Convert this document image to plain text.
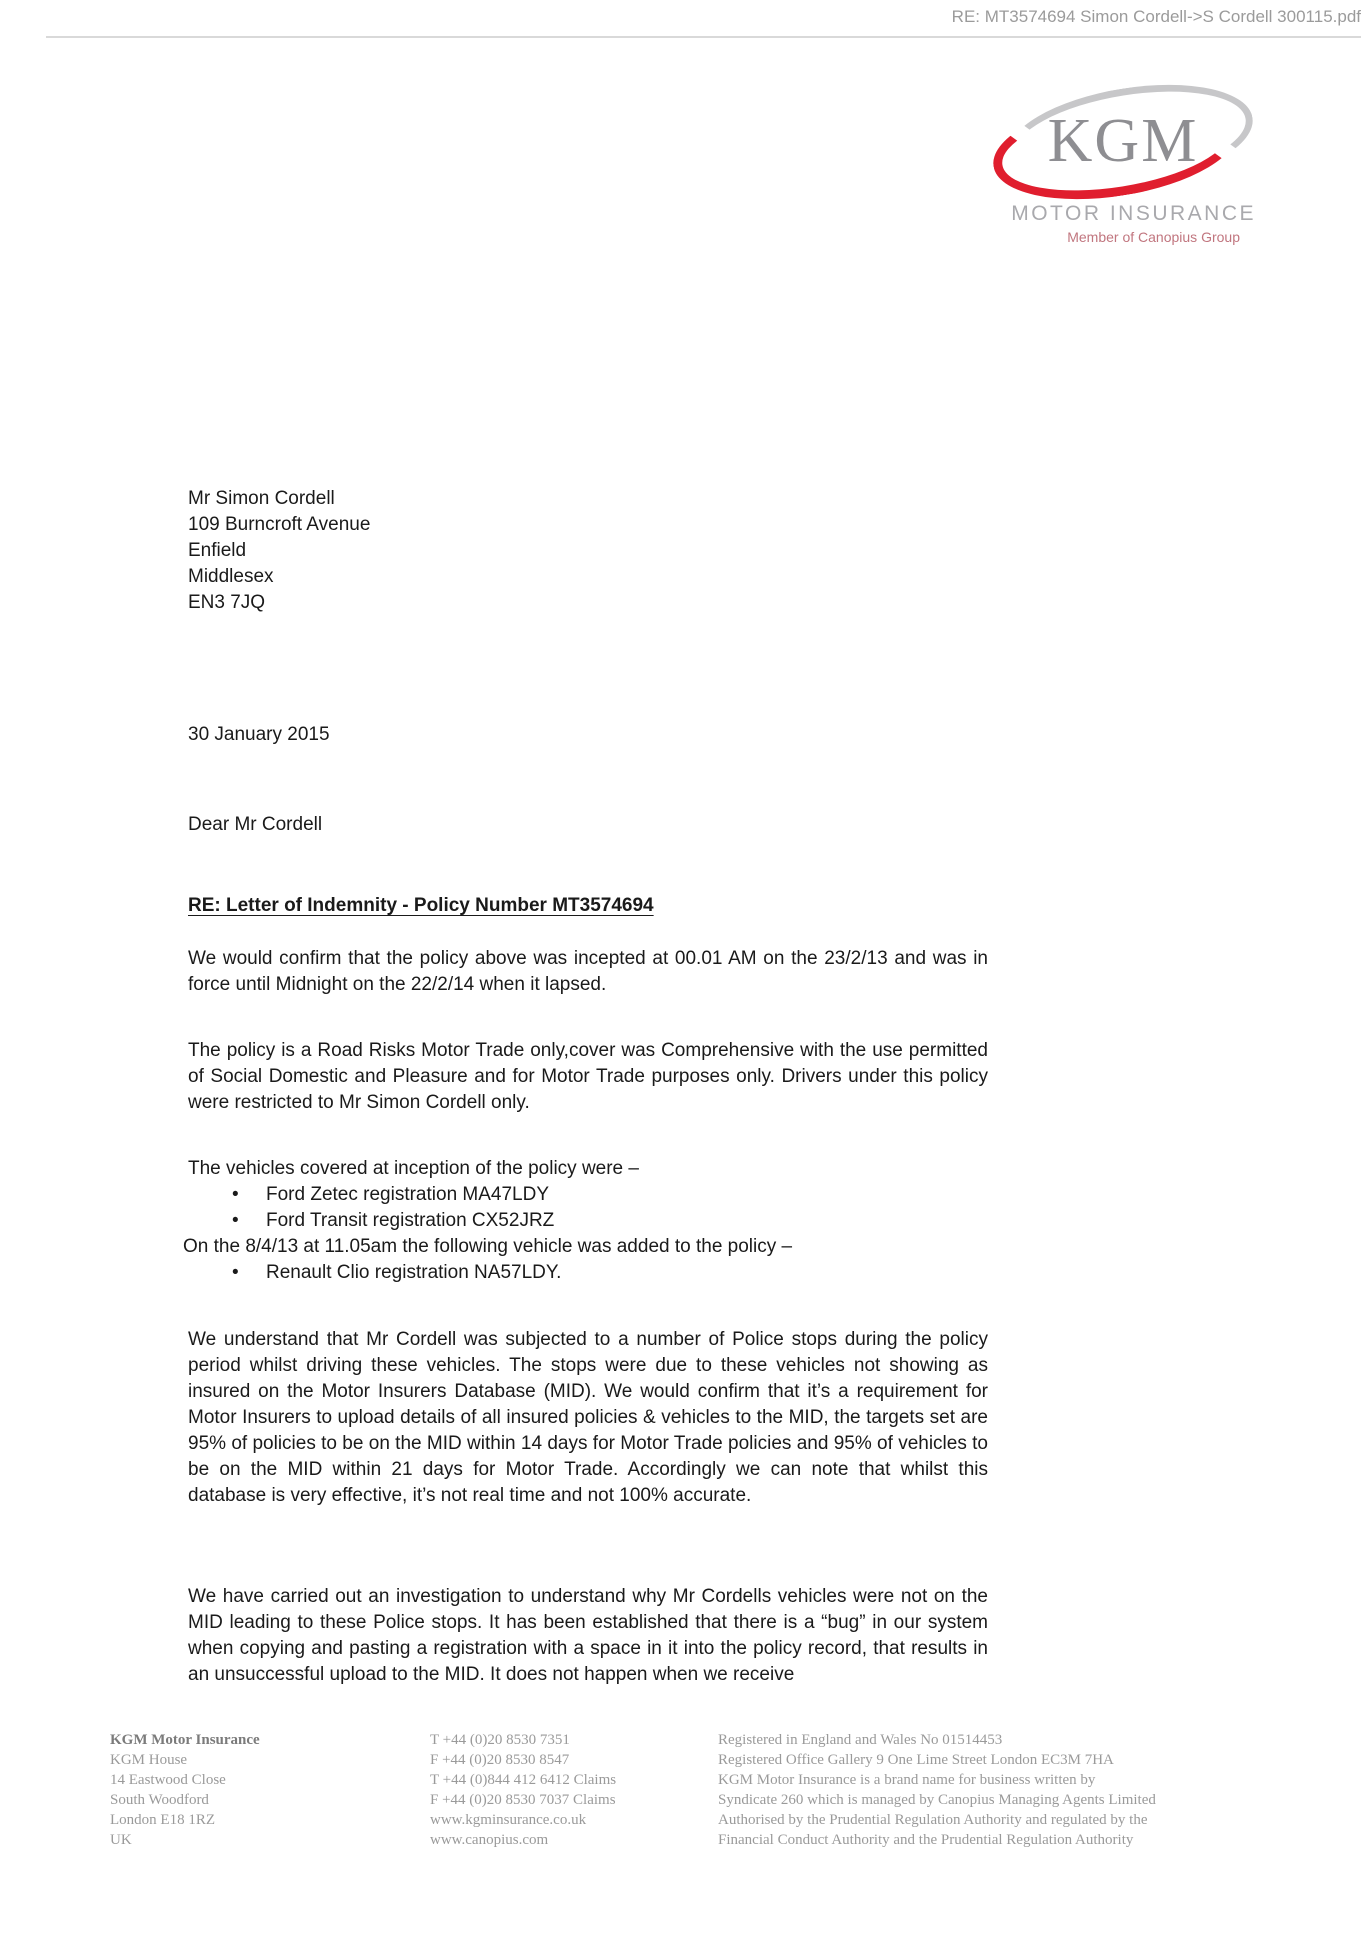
RE: MT3574694 Simon Cordell->S Cordell 300115.pdf
KGM
MOTOR INSURANCE
Member of Canopius Group
Mr Simon Cordell
109 Burncroft Avenue
Enfield
Middlesex
EN3 7JQ
30 January 2015
Dear Mr Cordell
RE: Letter of Indemnity - Policy Number MT3574694

We would confirm that the policy above was incepted at 00.01 AM on the 23/2/13 and was in force until Midnight on the 22/2/14 when it lapsed.

The policy is a Road Risks Motor Trade only,cover was Comprehensive with the use permitted of Social Domestic and Pleasure and for Motor Trade purposes only. Drivers under this policy were restricted to Mr Simon Cordell only.

The vehicles covered at inception of the policy were –
•	Ford Zetec registration MA47LDY
•	Ford Transit registration CX52JRZ
On the 8/4/13 at 11.05am the following vehicle was added to the policy –
•	Renault Clio registration NA57LDY.

We understand that Mr Cordell was subjected to a number of Police stops during the policy period whilst driving these vehicles. The stops were due to these vehicles not showing as insured on the Motor Insurers Database (MID). We would confirm that it’s a requirement for Motor Insurers to upload details of all insured policies & vehicles to the MID, the targets set are 95% of policies to be on the MID within 14 days for Motor Trade policies and 95% of vehicles to be on the MID within 21 days for Motor Trade. Accordingly we can note that whilst this database is very effective, it’s not real time and not 100% accurate.

We have carried out an investigation to understand why Mr Cordells vehicles were not on the MID leading to these Police stops. It has been established that there is a “bug” in our system when copying and pasting a registration with a space in it into the policy record, that results in an unsuccessful upload to the MID. It does not happen when we receive

KGM Motor Insurance
KGM House
14 Eastwood Close
South Woodford
London E18 1RZ
UK
T +44 (0)20 8530 7351
F +44 (0)20 8530 8547
T +44 (0)844 412 6412 Claims
F +44 (0)20 8530 7037 Claims
www.kgminsurance.co.uk
www.canopius.com
Registered in England and Wales No 01514453
Registered Office Gallery 9 One Lime Street London EC3M 7HA
KGM Motor Insurance is a brand name for business written by
Syndicate 260 which is managed by Canopius Managing Agents Limited
Authorised by the Prudential Regulation Authority and regulated by the
Financial Conduct Authority and the Prudential Regulation Authority
